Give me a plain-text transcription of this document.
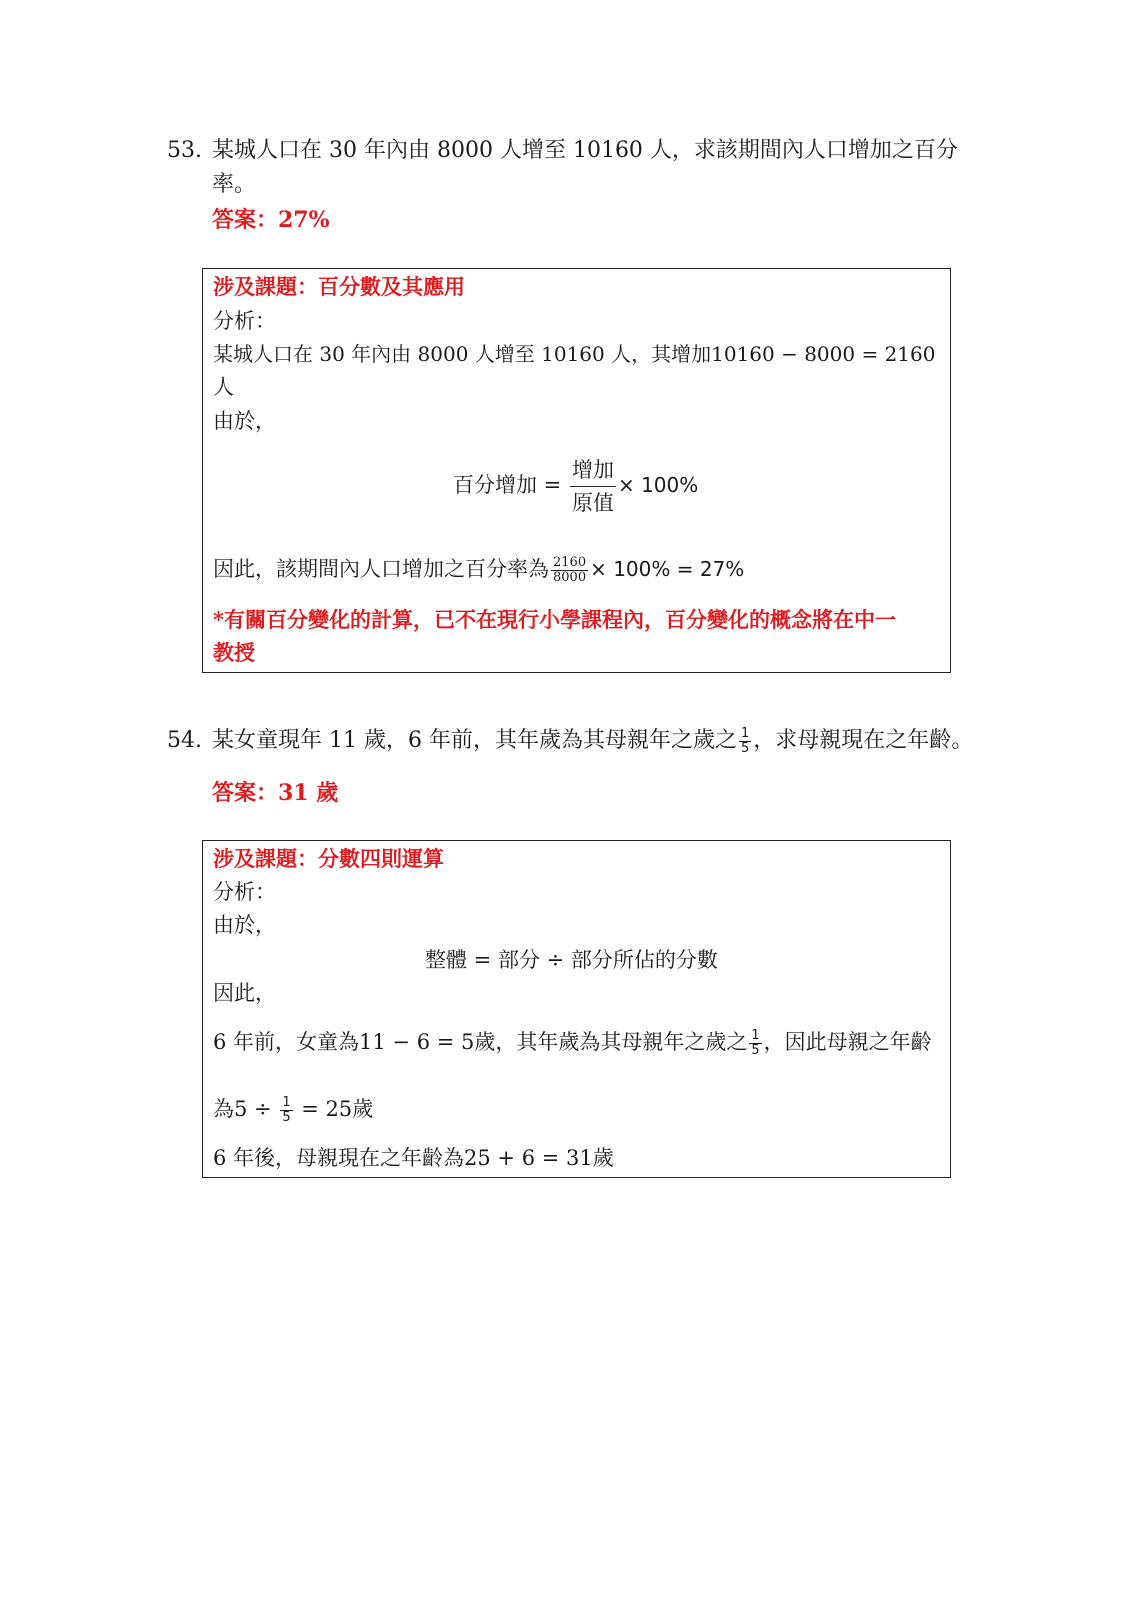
53. 某城人口在 30 年內由 8000 人增至 10160 人，求該期間內人口增加之百分
率。
答案：27%
涉及課題：百分數及其應用
分析：
某城人口在 30 年內由 8000 人增至 10160 人，其增加10160 − 8000 = 2160
人
由於，
百分增加 = $\frac{\text{增加}}{\text{原值}} \times 100\%$
因此，該期間內人口增加之百分率為 $\frac{2160}{8000} \times 100\% = 27\%$
*有關百分變化的計算，已不在現行小學課程內，百分變化的概念將在中一
教授
54. 某女童現年 11 歲，6 年前，其年歲為其母親年之歲之 $\frac{1}{5}$ ，求母親現在之年齡。
答案：31 歲
涉及課題：分數四則運算
分析：
由於，
整體 = 部分 ÷ 部分所佔的分數
因此，
6 年前，女童為11 − 6 = 5歲，其年歲為其母親年之歲之 $\frac{1}{5}$ ，因此母親之年齡
為$5 \div \frac{1}{5} = 25$歲
6 年後，母親現在之年齡為25 + 6 = 31歲
